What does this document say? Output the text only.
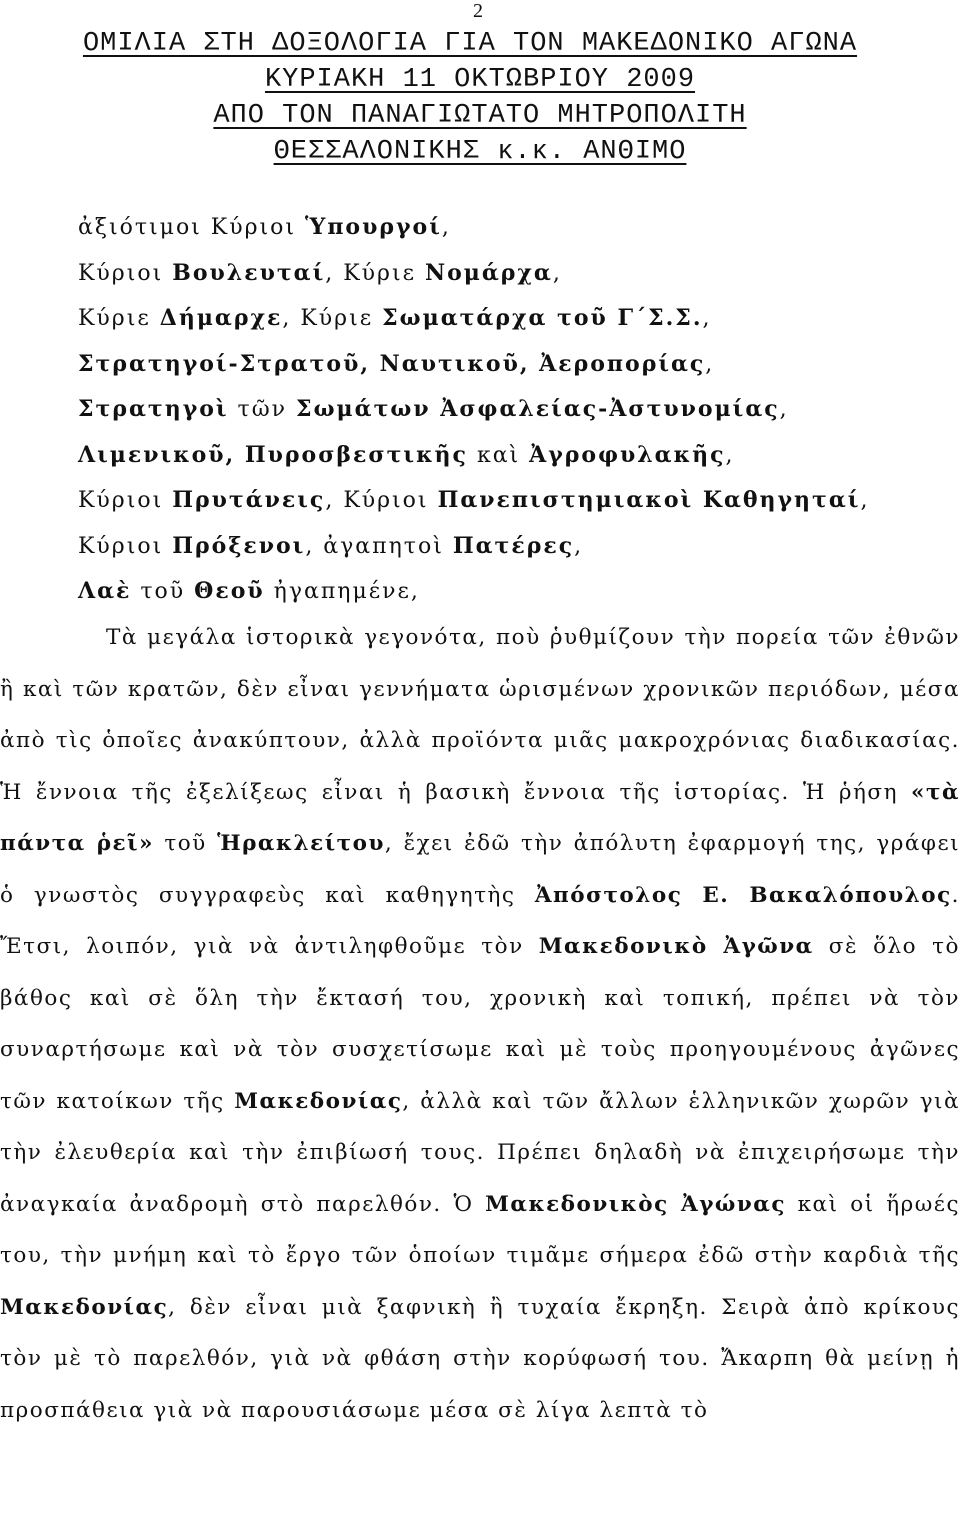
2
ΟΜΙΛΙΑ ΣΤΗ ΔΟΞΟΛΟΓΙΑ ΓΙΑ ΤΟΝ ΜΑΚΕΔΟΝΙΚΟ ΑΓΩΝΑ
ΚΥΡΙΑΚΗ 11 ΟΚΤΩΒΡΙΟΥ 2009
ΑΠΟ ΤΟΝ ΠΑΝΑΓΙΩΤΑΤΟ ΜΗΤΡΟΠΟΛΙΤΗ
ΘΕΣΣΑΛΟΝΙΚΗΣ κ.κ. ΑΝΘΙΜΟ
ἀξιότιμοι Κύριοι Ὑπουργοί,
Κύριοι Βουλευταί, Κύριε Νομάρχα,
Κύριε Δήμαρχε, Κύριε Σωματάρχα τοῦ Γ΄Σ.Σ.,
Στρατηγοί-Στρατοῦ, Ναυτικοῦ, Ἀεροπορίας,
Στρατηγοὶ τῶν Σωμάτων Ἀσφαλείας-Ἀστυνομίας,
Λιμενικοῦ, Πυροσβεστικῆς καὶ Ἀγροφυλακῆς,
Κύριοι Πρυτάνεις, Κύριοι Πανεπιστημιακοὶ Καθηγηταί,
Κύριοι Πρόξενοι, ἀγαπητοὶ Πατέρες,
Λαὲ τοῦ Θεοῦ ἠγαπημένε,
Τὰ μεγάλα ἱστορικὰ γεγονότα, ποὺ ῥυθμίζουν τὴν πορεία τῶν ἐθνῶν ἢ καὶ τῶν κρατῶν, δὲν εἶναι γεννήματα ὡρισμένων χρονικῶν περιόδων, μέσα ἀπὸ τὶς ὁποῖες ἀνακύπτουν, ἀλλὰ προϊόντα μιᾶς μακροχρόνιας διαδικασίας. Ἡ ἔννοια τῆς ἐξελίξεως εἶναι ἡ βασικὴ ἔννοια τῆς ἱστορίας. Ἡ ῥήση «τὰ πάντα ῥεῖ» τοῦ Ἡρακλείτου, ἔχει ἐδῶ τὴν ἀπόλυτη ἐφαρμογή της, γράφει ὁ γνωστὸς συγγραφεὺς καὶ καθηγητὴς Ἀπόστολος Ε. Βακαλόπουλος. Ἔτσι, λοιπόν, γιὰ νὰ ἀντιληφθοῦμε τὸν Μακεδονικὸ Ἀγῶνα σὲ ὅλο τὸ βάθος καὶ σὲ ὅλη τὴν ἔκτασή του, χρονικὴ καὶ τοπική, πρέπει νὰ τὸν συναρτήσωμε καὶ νὰ τὸν συσχετίσωμε καὶ μὲ τοὺς προηγουμένους ἀγῶνες τῶν κατοίκων τῆς Μακεδονίας, ἀλλὰ καὶ τῶν ἄλλων ἑλληνικῶν χωρῶν γιὰ τὴν ἐλευθερία καὶ τὴν ἐπιβίωσή τους. Πρέπει δηλαδὴ νὰ ἐπιχειρήσωμε τὴν ἀναγκαία ἀναδρομὴ στὸ παρελθόν. Ὁ Μακεδονικὸς Ἀγώνας καὶ οἱ ἥρωές του, τὴν μνήμη καὶ τὸ ἔργο τῶν ὁποίων τιμᾶμε σήμερα ἐδῶ στὴν καρδιὰ τῆς Μακεδονίας, δὲν εἶναι μιὰ ξαφνικὴ ἢ τυχαία ἔκρηξη. Σειρὰ ἀπὸ κρίκους τὸν μὲ τὸ παρελθόν, γιὰ νὰ φθάση στὴν κορύφωσή του. Ἄκαρπη θὰ μείνῃ ἡ προσπάθεια γιὰ νὰ παρουσιάσωμε μέσα σὲ λίγα λεπτὰ τὸ
